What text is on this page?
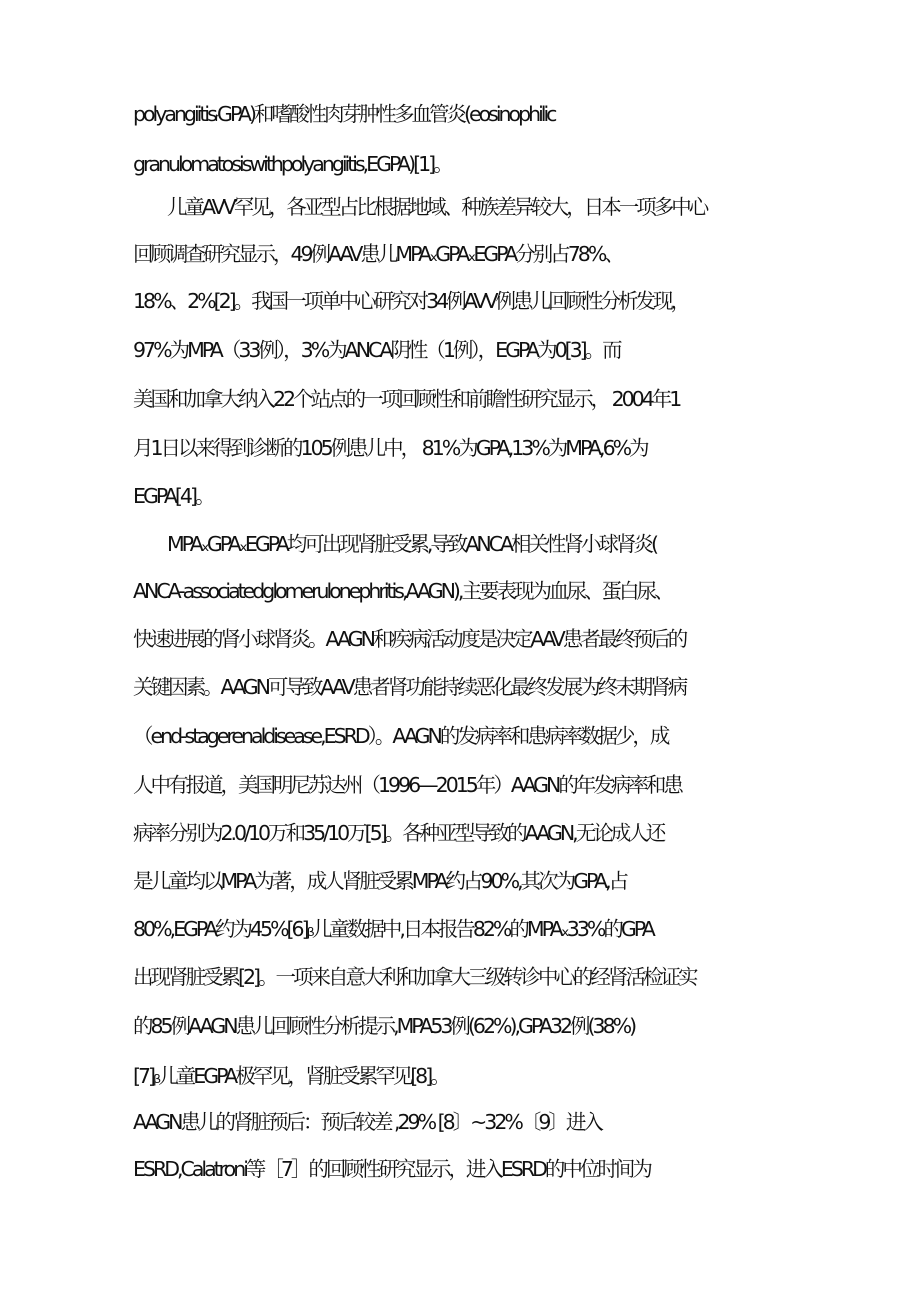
polyangiitisᵣGPA)和嗜酸性肉芽肿性多血管炎(eosinophilic
granulomatosiswithpolyangiitis,EGPA)[1]。
儿童AVV罕见，各亚型占比根据地域、种族差异较大，日本一项多中心
回顾调查研究显示，49例AAV患儿MPAₓGPAₓEGPA分别占78%、
18%、2%[2]。我国一项单中心研究对34例AVV例患儿回顾性分析发现，
97%为MPA（33例），3%为ANCA阴性（1例），EGPA为0[3]。而
美国和加拿大纳入22个站点的一项回顾性和前瞻性研究显示， 2004年1
月1日以来得到诊断的105例患儿中， 81%为GPA,13%为MPA,6%为
EGPA[4]。
MPAₓGPAₓEGPA均可出现肾脏受累,导致ANCA相关性肾小球肾炎(
ANCA-associatedglomerulonephritis,AAGN),主要表现为血尿、蛋白尿、
快速进展的肾小球肾炎。AAGN和疾病活动度是决定AAV患者最终预后的
关键因素。AAGN可导致AAV患者肾功能持续恶化最终发展为终末期肾病
（end-stagerenaldisease,ESRD）。AAGN的发病率和患病率数据少，成
人中有报道，美国明尼苏达州（1996—2015年）AAGN的年发病率和患
病率分别为2.0/10万和35/10万[5]。各种亚型导致的AAGN,无论成人还
是儿童均以MPA为著，成人肾脏受累MPA约占90%,其次为GPA,占
80%,EGPA约为45%[6]ᵦ儿童数据中,日本报告82%的MPAₓ33%的GPA
出现肾脏受累[2]。一项来自意大利和加拿大三级转诊中心的经肾活检证实
的85例AAGN患儿回顾性分析提示,MPA53例(62%),GPA32例(38%)
[7]ᵦ儿童EGPA极罕见，肾脏受累罕见[8]。
AAGN患儿的肾脏预后：预后较差 ,29% [8〕~32%〔9〕进入
ESRD,Calatroni等［7］的回顾性研究显示，进入ESRD的中位时间为
